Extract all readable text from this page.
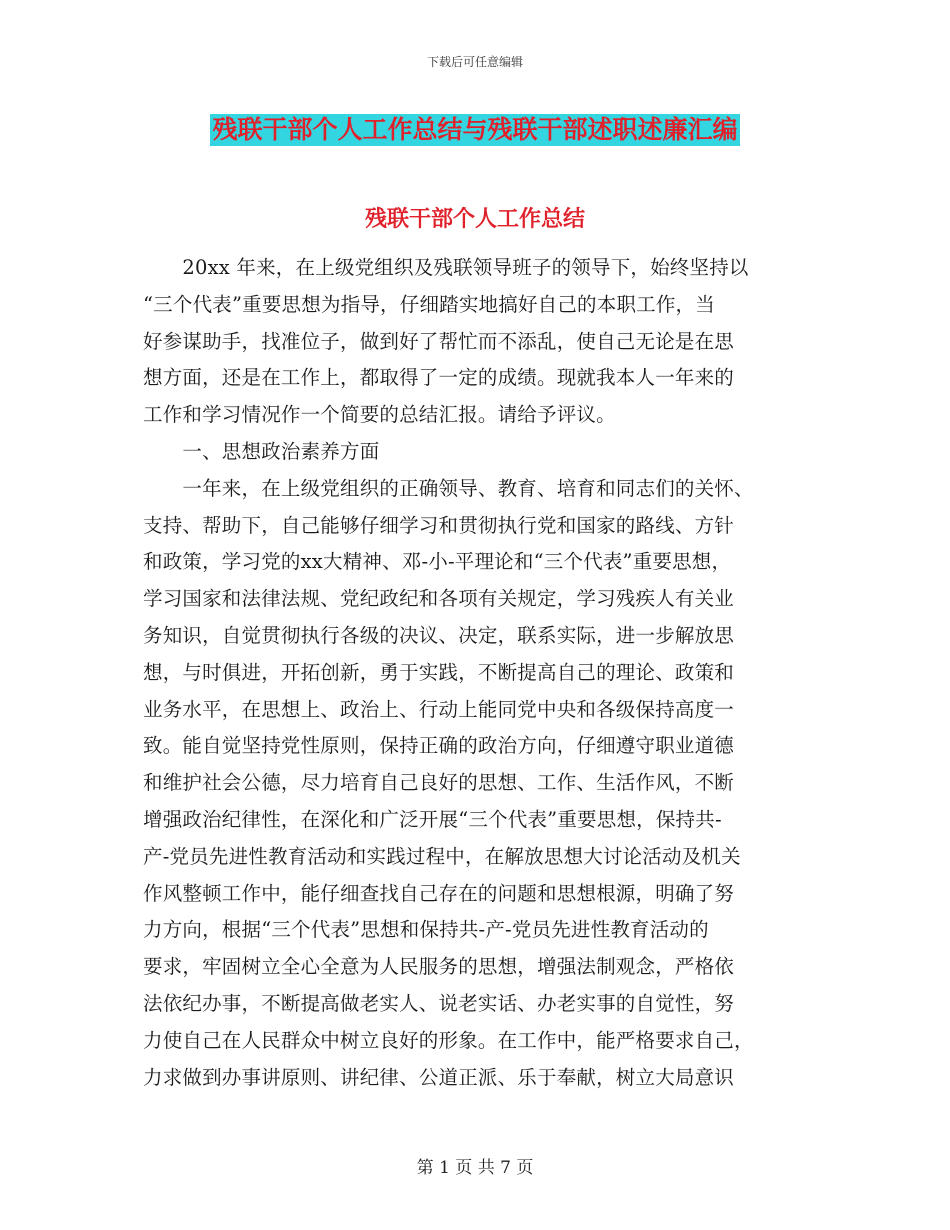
下载后可任意编辑
残联干部个人工作总结与残联干部述职述廉汇编
残联干部个人工作总结
　　20xx 年来，在上级党组织及残联领导班子的领导下，始终坚持以
“三个代表”重要思想为指导，仔细踏实地搞好自己的本职工作，当
好参谋助手，找准位子，做到好了帮忙而不添乱，使自己无论是在思
想方面，还是在工作上，都取得了一定的成绩。现就我本人一年来的
工作和学习情况作一个简要的总结汇报。请给予评议。
　　一、思想政治素养方面
　　一年来，在上级党组织的正确领导、教育、培育和同志们的关怀、
支持、帮助下，自己能够仔细学习和贯彻执行党和国家的路线、方针
和政策，学习党的xx大精神、邓-小-平理论和“三个代表”重要思想，
学习国家和法律法规、党纪政纪和各项有关规定，学习残疾人有关业
务知识，自觉贯彻执行各级的决议、决定，联系实际，进一步解放思
想，与时俱进，开拓创新，勇于实践，不断提高自己的理论、政策和
业务水平，在思想上、政治上、行动上能同党中央和各级保持高度一
致。能自觉坚持党性原则，保持正确的政治方向，仔细遵守职业道德
和维护社会公德，尽力培育自己良好的思想、工作、生活作风，不断
增强政治纪律性，在深化和广泛开展“三个代表”重要思想，保持共-
产-党员先进性教育活动和实践过程中，在解放思想大讨论活动及机关
作风整顿工作中，能仔细查找自己存在的问题和思想根源，明确了努
力方向，根据“三个代表”思想和保持共-产-党员先进性教育活动的
要求，牢固树立全心全意为人民服务的思想，增强法制观念，严格依
法依纪办事，不断提高做老实人、说老实话、办老实事的自觉性，努
力使自己在人民群众中树立良好的形象。在工作中，能严格要求自己，
力求做到办事讲原则、讲纪律、公道正派、乐于奉献，树立大局意识
第 1 页 共 7 页
